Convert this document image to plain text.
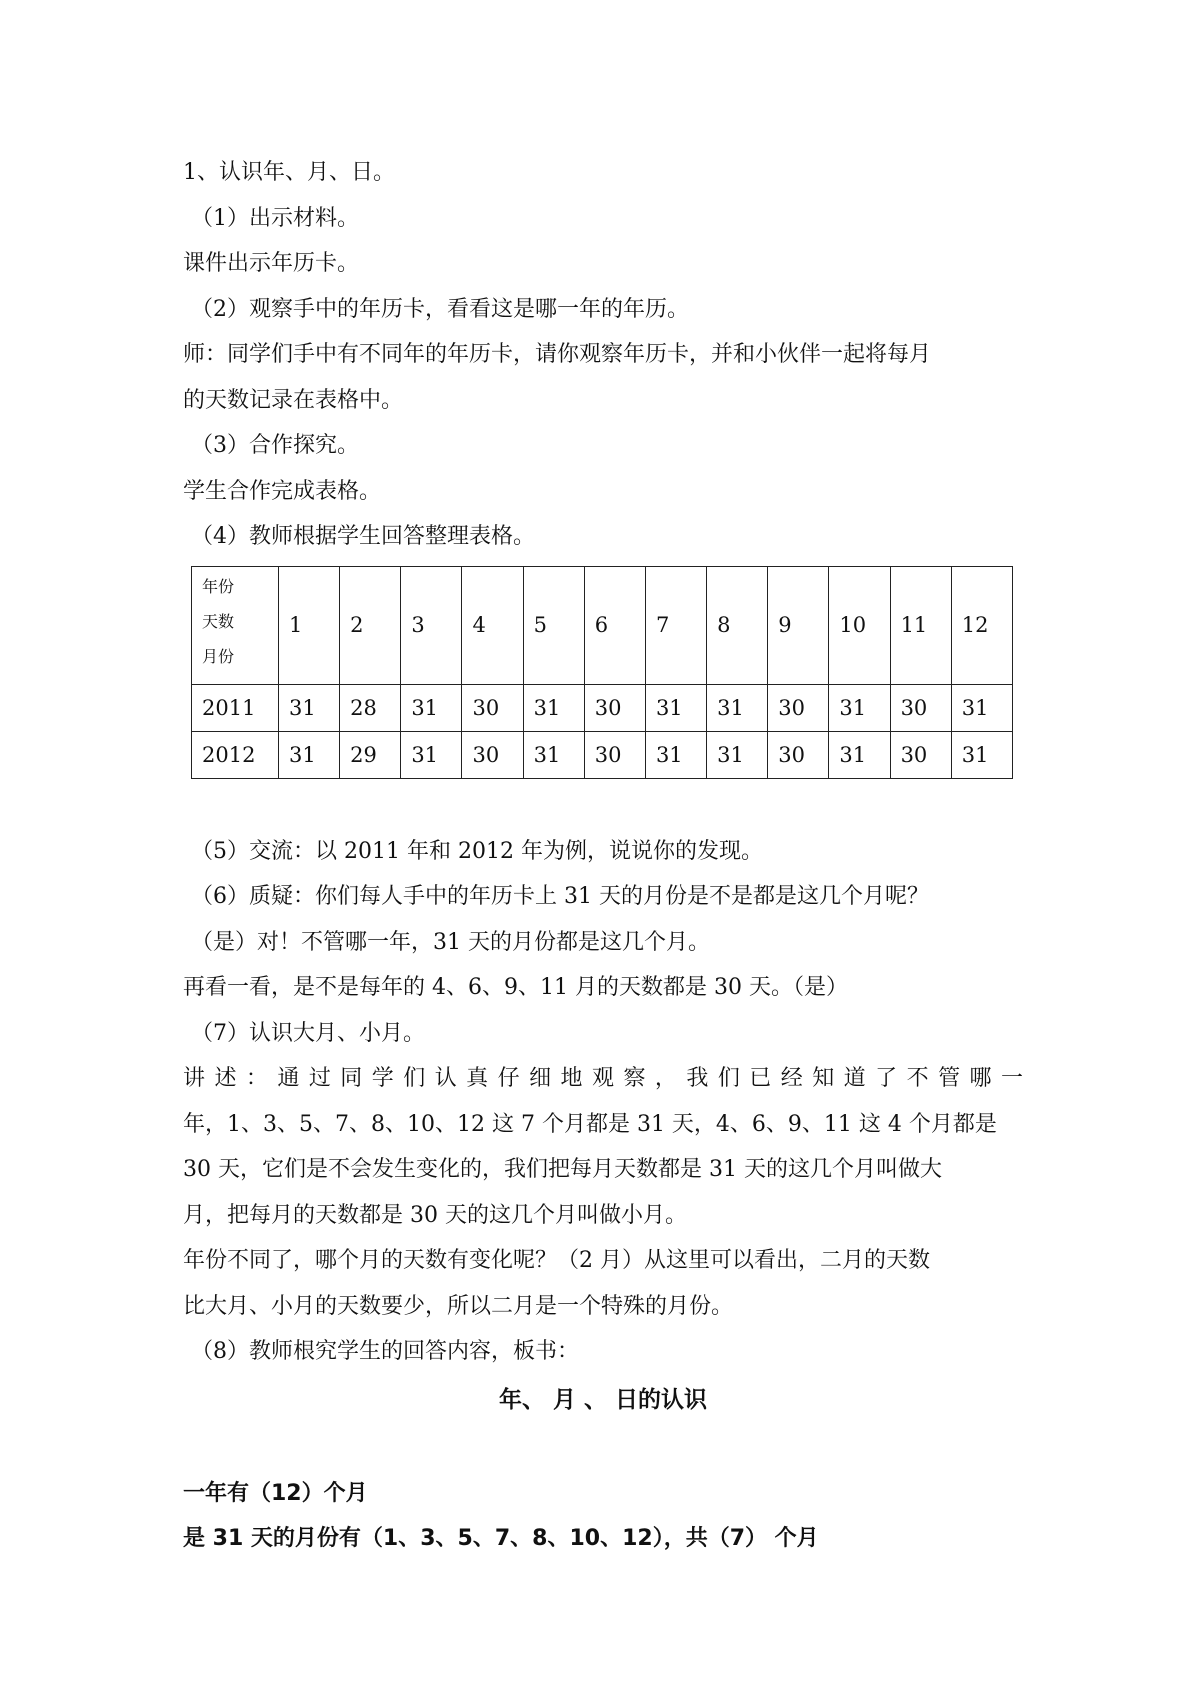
1、认识年、月、日。
（1）出示材料。
课件出示年历卡。
（2）观察手中的年历卡，看看这是哪一年的年历。
师：同学们手中有不同年的年历卡，请你观察年历卡，并和小伙伴一起将每月
的天数记录在表格中。
（3）合作探究。
学生合作完成表格。
（4）教师根据学生回答整理表格。
年份
天数
月份	1	2	3	4	5	6	7	8	9	10	11	12
2011	31	28	31	30	31	30	31	31	30	31	30	31
2012	31	29	31	30	31	30	31	31	30	31	30	31
（5）交流：以 2011 年和 2012 年为例，说说你的发现。
（6）质疑：你们每人手中的年历卡上 31 天的月份是不是都是这几个月呢？
（是）对！不管哪一年，31 天的月份都是这几个月。
再看一看，是不是每年的 4、6、9、11 月的天数都是 30 天。（是）
（7）认识大月、小月。
讲述：通过同学们认真仔细地观察，我们已经知道了不管哪一
年，1、3、5、7、8、10、12 这 7 个月都是 31 天，4、6、9、11 这 4 个月都是
30 天，它们是不会发生变化的，我们把每月天数都是 31 天的这几个月叫做大
月，把每月的天数都是 30 天的这几个月叫做小月。
年份不同了，哪个月的天数有变化呢？（2 月）从这里可以看出，二月的天数
比大月、小月的天数要少，所以二月是一个特殊的月份。
（8）教师根究学生的回答内容，板书：
年、 月 、 日的认识
一年有（12）个月
是 31 天的月份有（1、3、5、7、8、10、12），共（7） 个月
